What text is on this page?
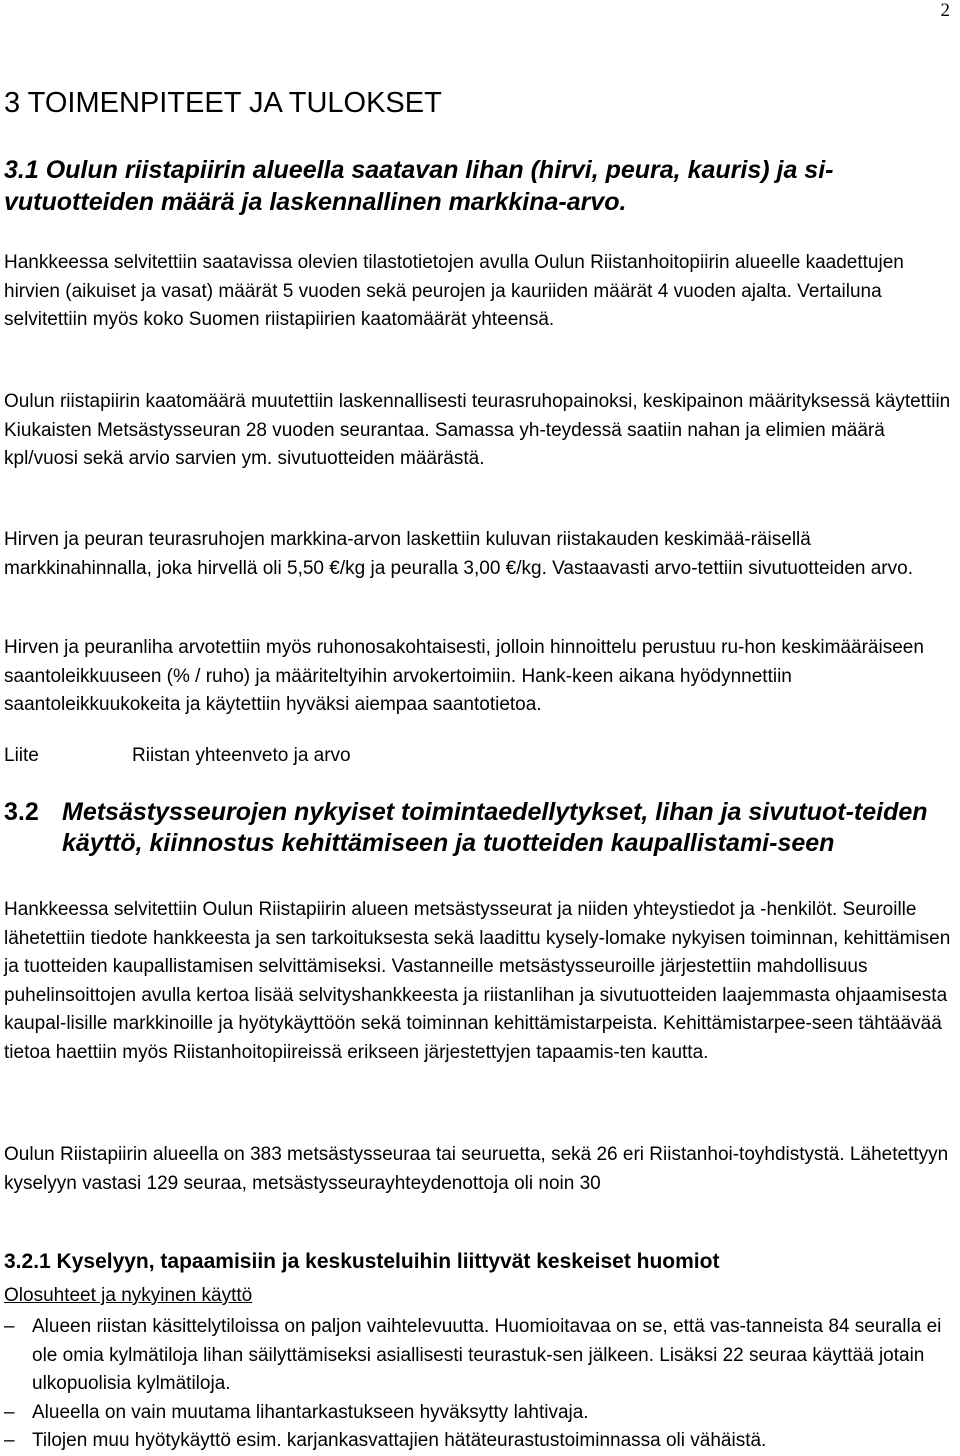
2
3 TOIMENPITEET JA TULOKSET
3.1 Oulun riistapiirin alueella saatavan lihan (hirvi, peura, kauris) ja si-vutuotteiden määrä ja laskennallinen markkina-arvo.

Hankkeessa selvitettiin saatavissa olevien tilastotietojen avulla Oulun Riistanhoitopiirin alueelle kaadettujen hirvien (aikuiset ja vasat) määrät 5 vuoden sekä peurojen ja kauriiden määrät 4 vuoden ajalta. Vertailuna selvitettiin myös koko Suomen riistapiirien kaatomäärät yhteensä.

Oulun riistapiirin kaatomäärä muutettiin laskennallisesti teurasruhopainoksi, keskipainon määrityksessä käytettiin Kiukaisten Metsästysseuran 28 vuoden seurantaa. Samassa yh-teydessä saatiin nahan ja elimien määrä kpl/vuosi sekä arvio sarvien ym. sivutuotteiden määrästä.

Hirven ja peuran teurasruhojen markkina-arvon laskettiin kuluvan riistakauden keskimää-räisellä markkinahinnalla, joka hirvellä oli 5,50 €/kg ja peuralla 3,00 €/kg. Vastaavasti arvo-tettiin sivutuotteiden arvo.

Hirven ja peuranliha arvotettiin myös ruhonosakohtaisesti, jolloin hinnoittelu perustuu ru-hon keskimääräiseen saantoleikkuuseen (% / ruho) ja määriteltyihin arvokertoimiin. Hank-keen aikana hyödynnettiin saantoleikkuukokeita ja käytettiin hyväksi aiempaa saantotietoa.

Liite	Riistan yhteenveto ja arvo
3.2 Metsästysseurojen nykyiset toimintaedellytykset, lihan ja sivutuot-teiden käyttö, kiinnostus kehittämiseen ja tuotteiden kaupallistami-seen

Hankkeessa selvitettiin Oulun Riistapiirin alueen metsästysseurat ja niiden yhteystiedot ja -henkilöt. Seuroille lähetettiin tiedote hankkeesta ja sen tarkoituksesta sekä laadittu kysely-lomake nykyisen toiminnan, kehittämisen ja tuotteiden kaupallistamisen selvittämiseksi. Vastanneille metsästysseuroille järjestettiin mahdollisuus puhelinsoittojen avulla kertoa lisää selvityshankkeesta ja riistanlihan ja sivutuotteiden laajemmasta ohjaamisesta kaupal-lisille markkinoille ja hyötykäyttöön sekä toiminnan kehittämistarpeista. Kehittämistarpee-seen tähtäävää tietoa haettiin myös Riistanhoitopiireissä erikseen järjestettyjen tapaamis-ten kautta.

Oulun Riistapiirin alueella on 383 metsästysseuraa tai seuruetta, sekä 26 eri Riistanhoi-toyhdistystä. Lähetettyyn kyselyyn vastasi 129 seuraa, metsästysseurayhteydenottoja oli noin 30

3.2.1 Kyselyyn, tapaamisiin ja keskusteluihin liittyvät keskeiset huomiot
Olosuhteet ja nykyinen käyttö
– Alueen riistan käsittelytiloissa on paljon vaihtelevuutta. Huomioitavaa on se, että vas-tanneista 84 seuralla ei ole omia kylmätiloja lihan säilyttämiseksi asiallisesti teurastuk-sen jälkeen. Lisäksi 22 seuraa käyttää jotain ulkopuolisia kylmätiloja.
– Alueella on vain muutama lihantarkastukseen hyväksytty lahtivaja.
– Tilojen muu hyötykäyttö esim. karjankasvattajien hätäteurastustoiminnassa oli vähäistä.
